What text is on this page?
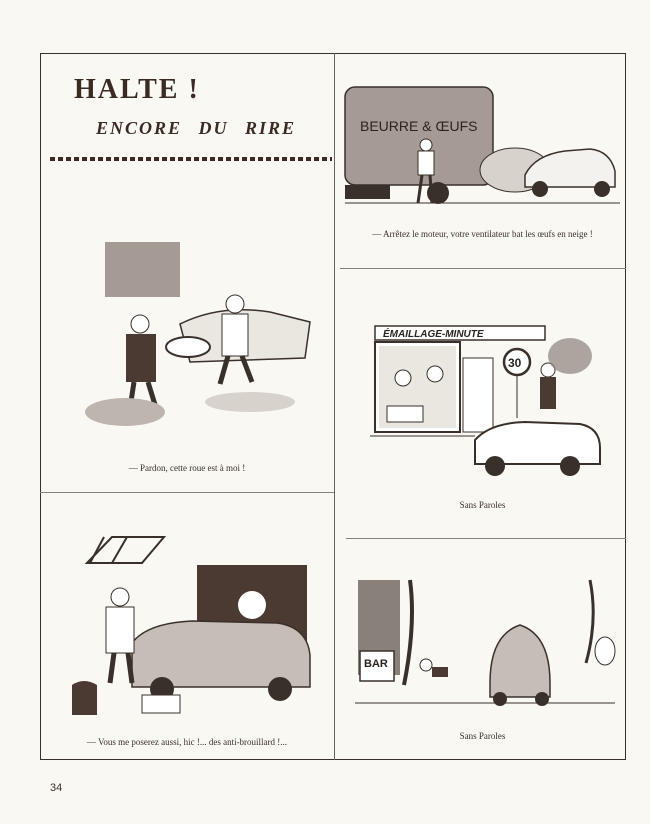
HALTE !
ENCORE DU RIRE	BEURRE & ŒUFS
— Arrêtez le moteur, votre ventilateur bat les œufs en neige !
— Pardon, cette roue est à moi !
ÉMAILLAGE-MINUTE
30
Sans Paroles
— Vous me poserez aussi, hic !... des anti-brouillard !...
BAR
Sans Paroles
34
